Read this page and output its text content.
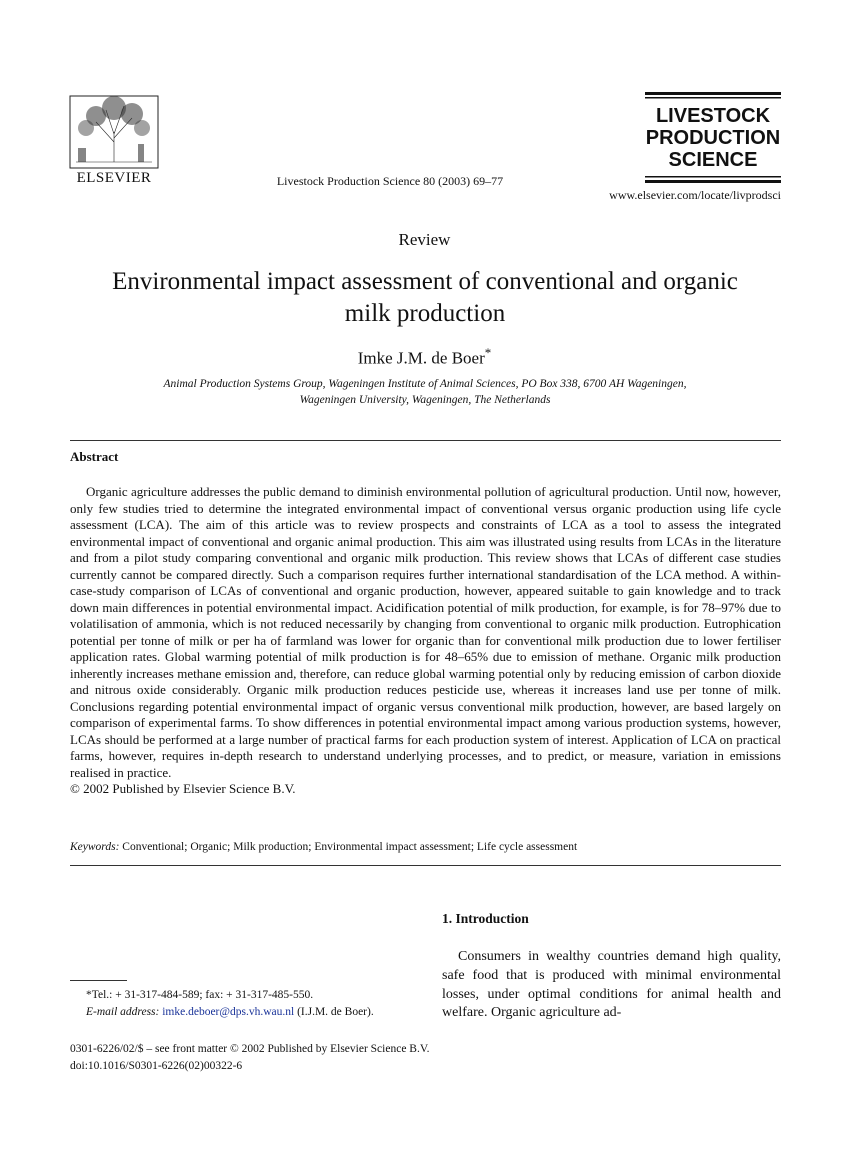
ELSEVIER	Livestock Production Science 80 (2003) 69–77
LIVESTOCK
PRODUCTION
SCIENCE
www.elsevier.com/locate/livprodsci
Review
Environmental impact assessment of conventional and organic
milk production
Imke J.M. de Boer*
Animal Production Systems Group, Wageningen Institute of Animal Sciences, PO Box 338, 6700 AH Wageningen,
Wageningen University, Wageningen, The Netherlands
Abstract

Organic agriculture addresses the public demand to diminish environmental pollution of agricultural production. Until now, however, only few studies tried to determine the integrated environmental impact of conventional versus organic production using life cycle assessment (LCA). The aim of this article was to review prospects and constraints of LCA as a tool to assess the integrated environmental impact of conventional and organic animal production. This aim was illustrated using results from LCAs in the literature and from a pilot study comparing conventional and organic milk production. This review shows that LCAs of different case studies currently cannot be compared directly. Such a comparison requires further international standardisation of the LCA method. A within-case-study comparison of LCAs of conventional and organic production, however, appeared suitable to gain knowledge and to track down main differences in potential environmental impact. Acidification potential of milk production, for example, is for 78–97% due to volatilisation of ammonia, which is not reduced necessarily by changing from conventional to organic milk production. Eutrophication potential per tonne of milk or per ha of farmland was lower for organic than for conventional milk production due to lower fertiliser application rates. Global warming potential of milk production is for 48–65% due to emission of methane. Organic milk production inherently increases methane emission and, therefore, can reduce global warming potential only by reducing emission of carbon dioxide and nitrous oxide considerably. Organic milk production reduces pesticide use, whereas it increases land use per tonne of milk. Conclusions regarding potential environmental impact of organic versus conventional milk production, however, are based largely on comparison of experimental farms. To show differences in potential environmental impact among various production systems, however, LCAs should be performed at a large number of practical farms for each production system of interest. Application of LCA on practical farms, however, requires in-depth research to understand underlying processes, and to predict, or measure, variation in emissions realised in practice.

© 2002 Published by Elsevier Science B.V.

Keywords: Conventional; Organic; Milk production; Environmental impact assessment; Life cycle assessment
1. Introduction
Consumers in wealthy countries demand high quality, safe food that is produced with minimal environmental losses, under optimal conditions for animal health and welfare. Organic agriculture ad-
*Tel.: + 31-317-484-589; fax: + 31-317-485-550.
E-mail address: imke.deboer@dps.vh.wau.nl (I.J.M. de Boer).
0301-6226/02/$ – see front matter © 2002 Published by Elsevier Science B.V.
doi:10.1016/S0301-6226(02)00322-6
